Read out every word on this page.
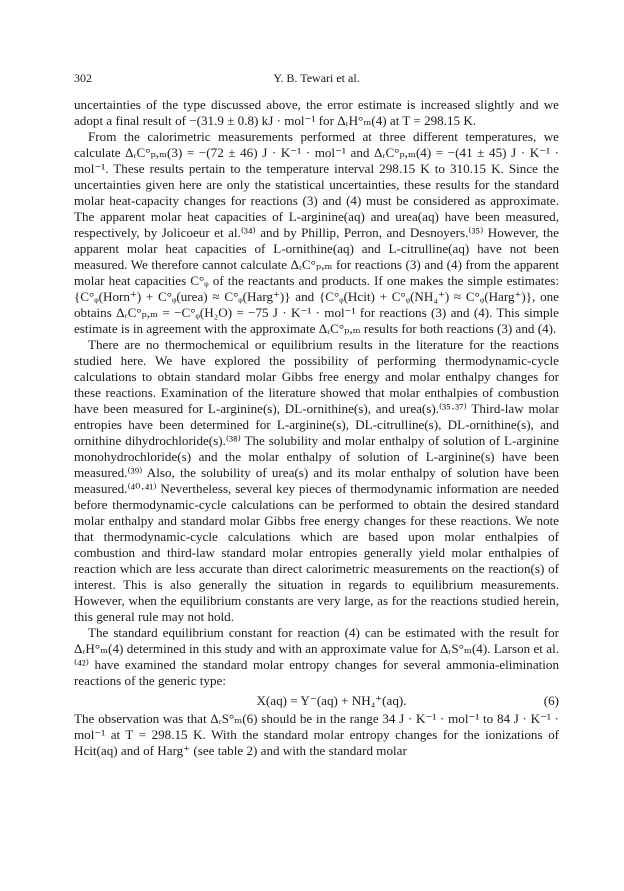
302	Y. B. Tewari et al.

uncertainties of the type discussed above, the error estimate is increased slightly and we adopt a final result of −(31.9 ± 0.8) kJ · mol⁻¹ for ΔᵣH°ₘ(4) at T = 298.15 K.

From the calorimetric measurements performed at three different temperatures, we calculate ΔᵣC°ₚ,ₘ(3) = −(72 ± 46) J · K⁻¹ · mol⁻¹ and ΔᵣC°ₚ,ₘ(4) = −(41 ± 45) J · K⁻¹ · mol⁻¹. These results pertain to the temperature interval 298.15 K to 310.15 K. Since the uncertainties given here are only the statistical uncertainties, these results for the standard molar heat-capacity changes for reactions (3) and (4) must be considered as approximate. The apparent molar heat capacities of L-arginine(aq) and urea(aq) have been measured, respectively, by Jolicoeur et al.⁽³⁴⁾ and by Phillip, Perron, and Desnoyers.⁽³⁵⁾ However, the apparent molar heat capacities of L-ornithine(aq) and L-citrulline(aq) have not been measured. We therefore cannot calculate ΔᵣC°ₚ,ₘ for reactions (3) and (4) from the apparent molar heat capacities C°ᵩ of the reactants and products. If one makes the simple estimates: {C°ᵩ(Horn⁺) + C°ᵩ(urea) ≈ C°ᵩ(Harg⁺)} and {C°ᵩ(Hcit) + C°ᵩ(NH₄⁺) ≈ C°ᵩ(Harg⁺)}, one obtains ΔᵣC°ₚ,ₘ = −C°ᵩ(H₂O) = −75 J · K⁻¹ · mol⁻¹ for reactions (3) and (4). This simple estimate is in agreement with the approximate ΔᵣC°ₚ,ₘ results for both reactions (3) and (4).

There are no thermochemical or equilibrium results in the literature for the reactions studied here. We have explored the possibility of performing thermodynamic-cycle calculations to obtain standard molar Gibbs free energy and molar enthalpy changes for these reactions. Examination of the literature showed that molar enthalpies of combustion have been measured for L-arginine(s), DL-ornithine(s), and urea(s).⁽³⁵·³⁷⁾ Third-law molar entropies have been determined for L-arginine(s), DL-citrulline(s), DL-ornithine(s), and ornithine dihydrochloride(s).⁽³⁸⁾ The solubility and molar enthalpy of solution of L-arginine monohydrochloride(s) and the molar enthalpy of solution of L-arginine(s) have been measured.⁽³⁹⁾ Also, the solubility of urea(s) and its molar enthalpy of solution have been measured.⁽⁴⁰·⁴¹⁾ Nevertheless, several key pieces of thermodynamic information are needed before thermodynamic-cycle calculations can be performed to obtain the desired standard molar enthalpy and standard molar Gibbs free energy changes for these reactions. We note that thermodynamic-cycle calculations which are based upon molar enthalpies of combustion and third-law standard molar entropies generally yield molar enthalpies of reaction which are less accurate than direct calorimetric measurements on the reaction(s) of interest. This is also generally the situation in regards to equilibrium measurements. However, when the equilibrium constants are very large, as for the reactions studied herein, this general rule may not hold.

The standard equilibrium constant for reaction (4) can be estimated with the result for ΔᵣH°ₘ(4) determined in this study and with an approximate value for ΔᵣS°ₘ(4). Larson et al.⁽⁴²⁾ have examined the standard molar entropy changes for several ammonia-elimination reactions of the generic type:

X(aq) = Y⁻(aq) + NH₄⁺(aq).	(6)

The observation was that ΔᵣS°ₘ(6) should be in the range 34 J · K⁻¹ · mol⁻¹ to 84 J · K⁻¹ · mol⁻¹ at T = 298.15 K. With the standard molar entropy changes for the ionizations of Hcit(aq) and of Harg⁺ (see table 2) and with the standard molar
